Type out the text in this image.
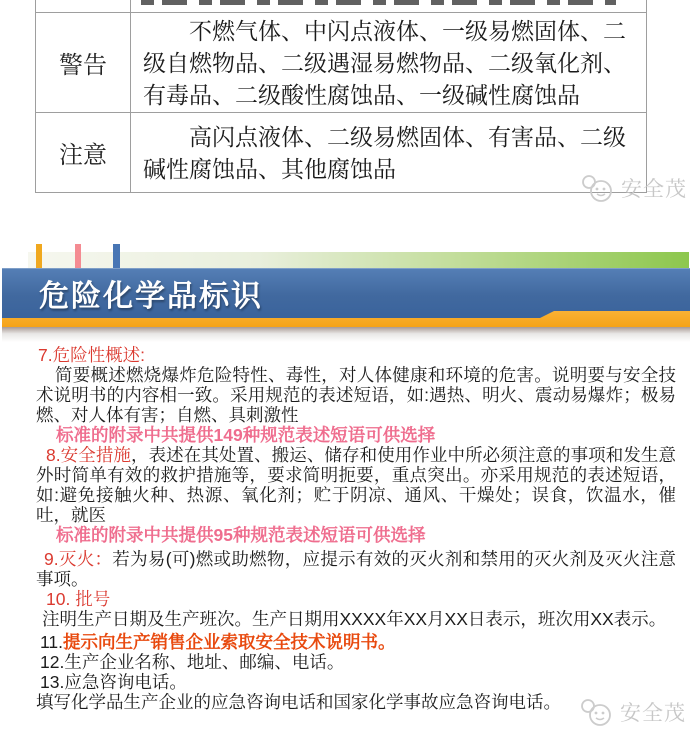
警告
不燃气体、中闪点液体、一级易燃固体、二级自燃物品、二级遇湿易燃物品、二级氧化剂、有毒品、二级酸性腐蚀品、一级碱性腐蚀品
注意
高闪点液体、二级易燃固体、有害品、二级碱性腐蚀品、其他腐蚀品
安全茂
危险化学品标识

7.危险性概述:

简要概述燃烧爆炸危险特性、毒性，对人体健康和环境的危害。说明要与安全技术说明书的内容相一致。采用规范的表述短语，如:遇热、明火、震动易爆炸；极易燃、对人体有害；自燃、具刺激性

标准的附录中共提供149种规范表述短语可供选择

8.安全措施，表述在其处置、搬运、储存和使用作业中所必须注意的事项和发生意外时简单有效的救护措施等，要求简明扼要，重点突出。亦采用规范的表述短语，如:避免接触火种、热源、氧化剂；贮于阴凉、通风、干燥处；误食，饮温水，催吐，就医

标准的附录中共提供95种规范表述短语可供选择

9.灭火：若为易(可)燃或助燃物，应提示有效的灭火剂和禁用的灭火剂及灭火注意事项。

10. 批号

注明生产日期及生产班次。生产日期用XXXX年XX月XX日表示，班次用XX表示。

11.提示向生产销售企业索取安全技术说明书。

12.生产企业名称、地址、邮编、电话。

13.应急咨询电话。

填写化学品生产企业的应急咨询电话和国家化学事故应急咨询电话。	安全茂
